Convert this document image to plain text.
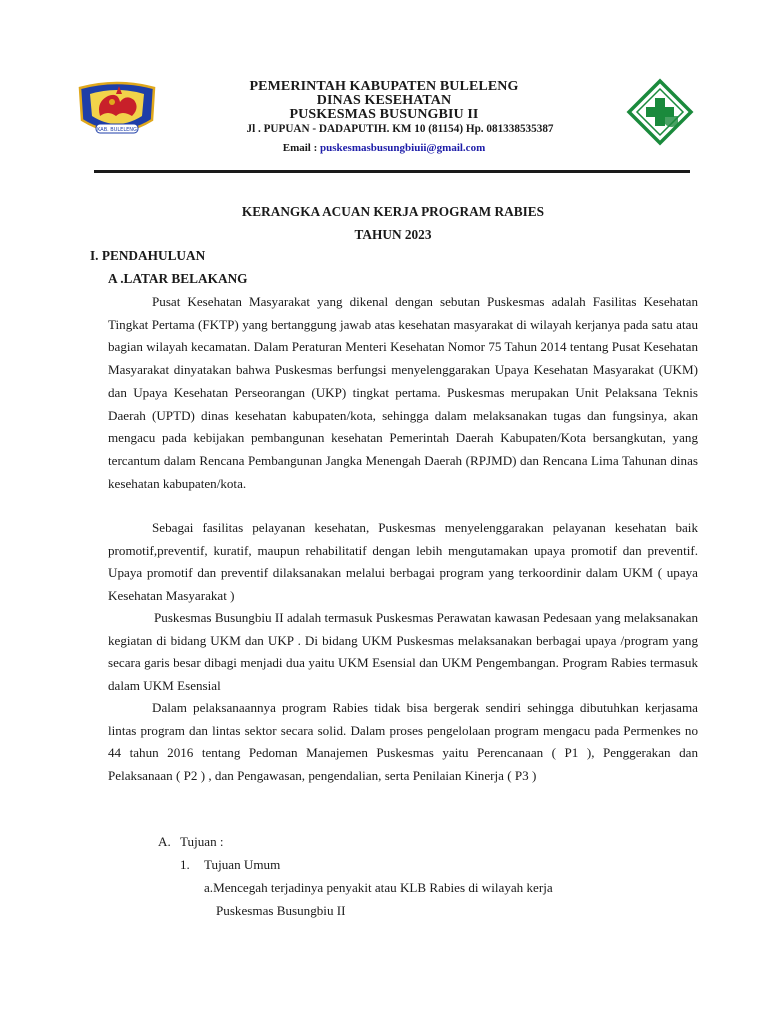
KAB. BULELENG
PEMERINTAH KABUPATEN BULELENG
DINAS KESEHATAN
PUSKESMAS BUSUNGBIU II
Jl . PUPUAN - DADAPUTIH. KM 10 (81154) Hp. 081338535387
Email : puskesmasbusungbiuii@gmail.com
KERANGKA ACUAN KERJA PROGRAM RABIES
TAHUN 2023
I. PENDAHULUAN
A .LATAR BELAKANG
Pusat Kesehatan Masyarakat yang dikenal dengan sebutan Puskesmas adalah Fasilitas Kesehatan Tingkat Pertama (FKTP) yang bertanggung jawab atas kesehatan masyarakat di wilayah kerjanya pada satu atau bagian wilayah kecamatan. Dalam Peraturan Menteri Kesehatan Nomor 75 Tahun 2014 tentang Pusat Kesehatan Masyarakat dinyatakan bahwa Puskesmas berfungsi menyelenggarakan Upaya Kesehatan Masyarakat (UKM) dan Upaya Kesehatan Perseorangan (UKP) tingkat pertama. Puskesmas merupakan Unit Pelaksana Teknis Daerah (UPTD) dinas kesehatan kabupaten/kota, sehingga dalam melaksanakan tugas dan fungsinya, akan mengacu pada kebijakan pembangunan kesehatan Pemerintah Daerah Kabupaten/Kota bersangkutan, yang tercantum dalam Rencana Pembangunan Jangka Menengah Daerah (RPJMD) dan Rencana Lima Tahunan dinas kesehatan kabupaten/kota.
Sebagai fasilitas pelayanan kesehatan, Puskesmas menyelenggarakan pelayanan kesehatan baik promotif,preventif, kuratif, maupun rehabilitatif dengan lebih mengutamakan upaya promotif dan preventif. Upaya promotif dan preventif dilaksanakan melalui berbagai program yang terkoordinir dalam UKM ( upaya Kesehatan Masyarakat )
Puskesmas Busungbiu II adalah termasuk Puskesmas Perawatan kawasan Pedesaan yang melaksanakan kegiatan di bidang UKM dan UKP . Di bidang UKM Puskesmas melaksanakan berbagai upaya /program yang secara garis besar dibagi menjadi dua yaitu UKM Esensial dan UKM Pengembangan. Program Rabies termasuk dalam UKM Esensial
Dalam pelaksanaannya program Rabies tidak bisa bergerak sendiri sehingga dibutuhkan kerjasama lintas program dan lintas sektor secara solid. Dalam proses pengelolaan program mengacu pada Permenkes no 44 tahun 2016 tentang Pedoman Manajemen Puskesmas yaitu Perencanaan ( P1 ), Penggerakan dan Pelaksanaan ( P2 ) , dan Pengawasan, pengendalian, serta Penilaian Kinerja ( P3 )
A. Tujuan :
1. Tujuan Umum
a.Mencegah terjadinya penyakit atau KLB Rabies di wilayah kerja
Puskesmas Busungbiu II
